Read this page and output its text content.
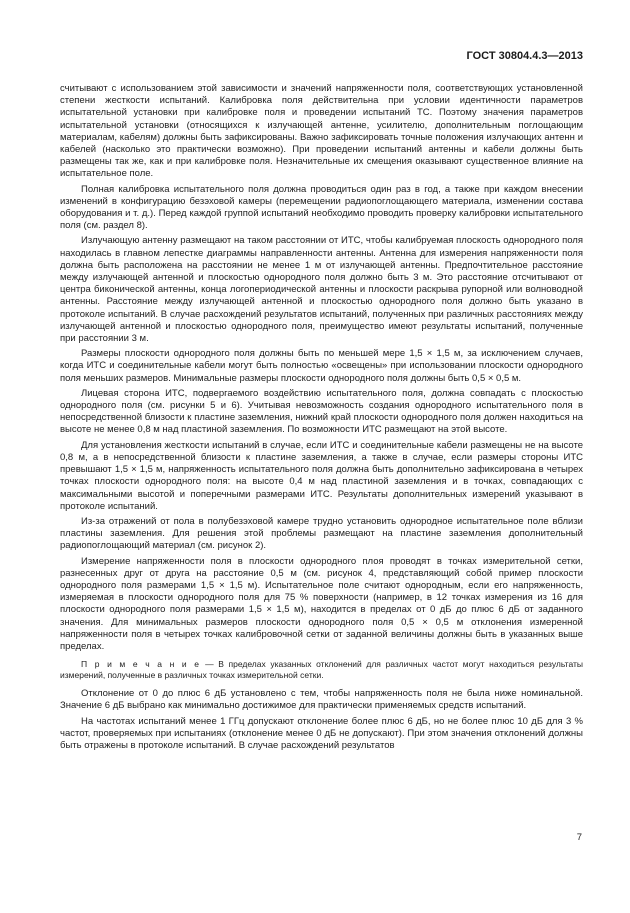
ГОСТ 30804.4.3—2013

считывают с использованием этой зависимости и значений напряженности поля, соответствующих установленной степени жесткости испытаний. Калибровка поля действительна при условии идентичности параметров испытательной установки при калибровке поля и проведении испытаний ТС. Поэтому значения параметров испытательной установки (относящихся к излучающей антенне, усилителю, дополнительным поглощающим материалам, кабелям) должны быть зафиксированы. Важно зафиксировать точные положения излучающих антенн и кабелей (насколько это практически возможно). При проведении испытаний антенны и кабели должны быть размещены так же, как и при калибровке поля. Незначительные их смещения оказывают существенное влияние на испытательное поле.

Полная калибровка испытательного поля должна проводиться один раз в год, а также при каждом внесении изменений в конфигурацию безэховой камеры (перемещении радиопоглощающего материала, изменении состава оборудования и т. д.). Перед каждой группой испытаний необходимо проводить проверку калибровки испытательного поля (см. раздел 8).

Излучающую антенну размещают на таком расстоянии от ИТС, чтобы калибруемая плоскость однородного поля находилась в главном лепестке диаграммы направленности антенны. Антенна для измерения напряженности поля должна быть расположена на расстоянии не менее 1 м от излучающей антенны. Предпочтительное расстояние между излучающей антенной и плоскостью однородного поля должно быть 3 м. Это расстояние отсчитывают от центра биконической антенны, конца логопериодической антенны и плоскости раскрыва рупорной или волноводной антенны. Расстояние между излучающей антенной и плоскостью однородного поля должно быть указано в протоколе испытаний. В случае расхождений результатов испытаний, полученных при различных расстояниях между излучающей антенной и плоскостью однородного поля, преимущество имеют результаты испытаний, полученные при расстоянии 3 м.

Размеры плоскости однородного поля должны быть по меньшей мере 1,5 × 1,5 м, за исключением случаев, когда ИТС и соединительные кабели могут быть полностью «освещены» при использовании плоскости однородного поля меньших размеров. Минимальные размеры плоскости однородного поля должны быть 0,5 × 0,5 м.

Лицевая сторона ИТС, подвергаемого воздействию испытательного поля, должна совпадать с плоскостью однородного поля (см. рисунки 5 и 6). Учитывая невозможность создания однородного испытательного поля в непосредственной близости к пластине заземления, нижний край плоскости однородного поля должен находиться на высоте не менее 0,8 м над пластиной заземления. По возможности ИТС размещают на этой высоте.

Для установления жесткости испытаний в случае, если ИТС и соединительные кабели размещены не на высоте 0,8 м, а в непосредственной близости к пластине заземления, а также в случае, если размеры стороны ИТС превышают 1,5 × 1,5 м, напряженность испытательного поля должна быть дополнительно зафиксирована в четырех точках плоскости однородного поля: на высоте 0,4 м над пластиной заземления и в точках, совпадающих с максимальными высотой и поперечными размерами ИТС. Результаты дополнительных измерений указывают в протоколе испытаний.

Из-за отражений от пола в полубезэховой камере трудно установить однородное испытательное поле вблизи пластины заземления. Для решения этой проблемы размещают на пластине заземления дополнительный радиопоглощающий материал (см. рисунок 2).

Измерение напряженности поля в плоскости однородного плоя проводят в точках измерительной сетки, разнесенных друг от друга на расстояние 0,5 м (см. рисунок 4, представляющий собой пример плоскости однородного поля размерами 1,5 × 1,5 м). Испытательное поле считают однородным, если его напряженность, измеряемая в плоскости однородного поля для 75 % поверхности (например, в 12 точках измерения из 16 для плоскости однородного поля размерами 1,5 × 1,5 м), находится в пределах от 0 дБ до плюс 6 дБ от заданного значения. Для минимальных размеров плоскости однородного поля 0,5 × 0,5 м отклонения измеренной напряженности поля в четырех точках калибровочной сетки от заданной величины должны быть в указанных выше пределах.

П р и м е ч а н и е — В пределах указанных отклонений для различных частот могут находиться результаты измерений, полученные в различных точках измерительной сетки.

Отклонение от 0 до плюс 6 дБ установлено с тем, чтобы напряженность поля не была ниже номинальной. Значение 6 дБ выбрано как минимально достижимое для практически применяемых средств испытаний.

На частотах испытаний менее 1 ГГц допускают отклонение более плюс 6 дБ, но не более плюс 10 дБ для 3 % частот, проверяемых при испытаниях (отклонение менее 0 дБ не допускают). При этом значения отклонений должны быть отражены в протоколе испытаний. В случае расхождений результатов

7
